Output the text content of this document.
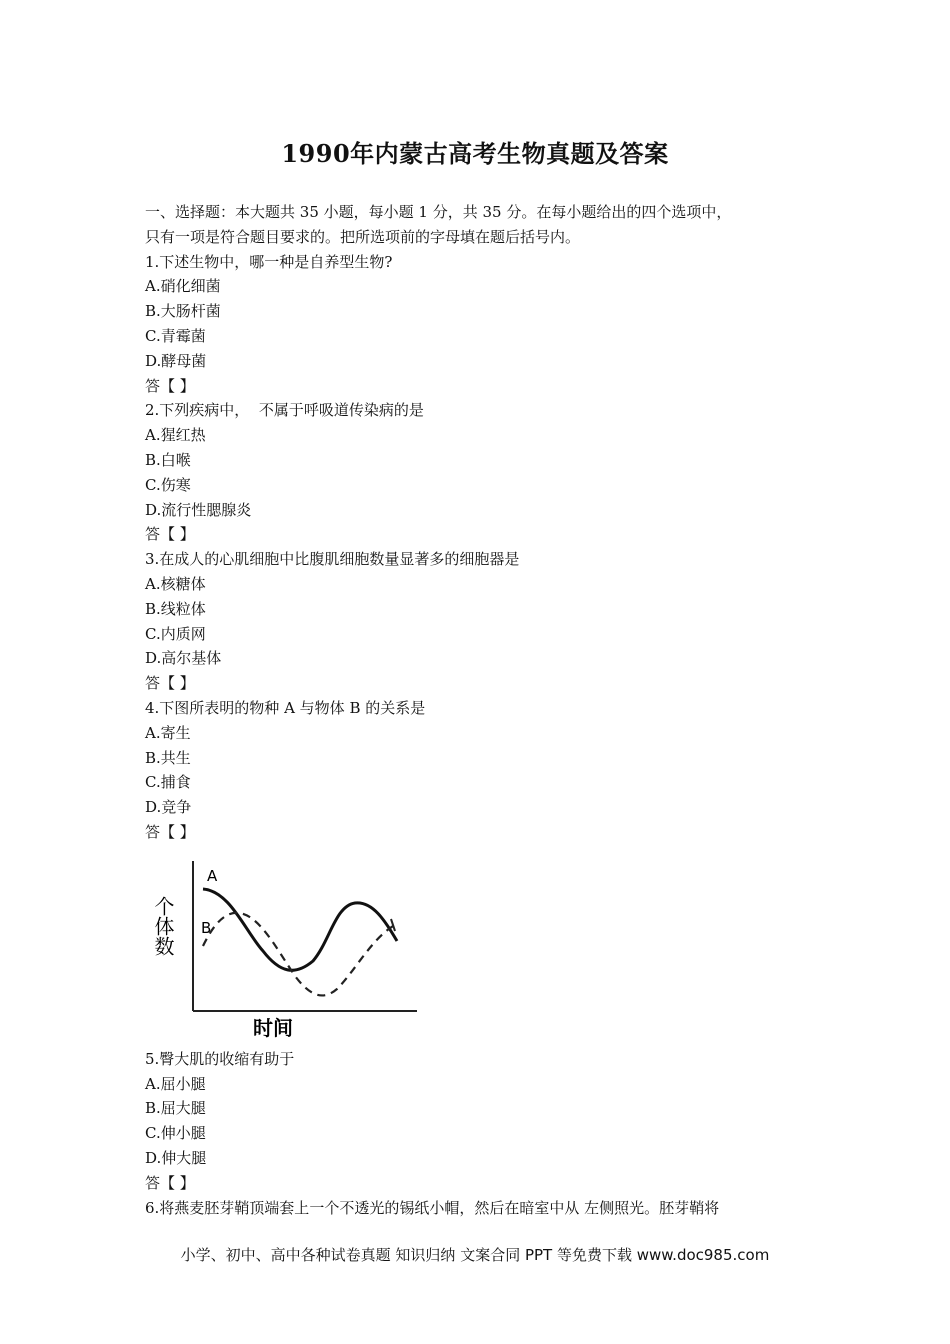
1990年内蒙古高考生物真题及答案
一、选择题：本大题共 35 小题，每小题 1 分，共 35 分。在每小题给出的四个选项中，
只有一项是符合题目要求的。把所选项前的字母填在题后括号内。
1.下述生物中，哪一种是自养型生物?
A.硝化细菌
B.大肠杆菌
C.青霉菌
D.酵母菌
答【 】
2.下列疾病中，  不属于呼吸道传染病的是
A.猩红热
B.白喉
C.伤寒
D.流行性腮腺炎
答【 】
3.在成人的心肌细胞中比腹肌细胞数量显著多的细胞器是
A.核糖体
B.线粒体
C.内质网
D.高尔基体
答【 】
4.下图所表明的物种 A 与物体 B 的关系是
A.寄生
B.共生
C.捕食
D.竞争
答【 】
A
B
个体数
时间
5.臀大肌的收缩有助于
A.屈小腿
B.屈大腿
C.伸小腿
D.伸大腿
答【 】
6.将燕麦胚芽鞘顶端套上一个不透光的锡纸小帽，然后在暗室中从 左侧照光。胚芽鞘将
小学、初中、高中各种试卷真题 知识归纳 文案合同 PPT 等免费下载 www.doc985.com
